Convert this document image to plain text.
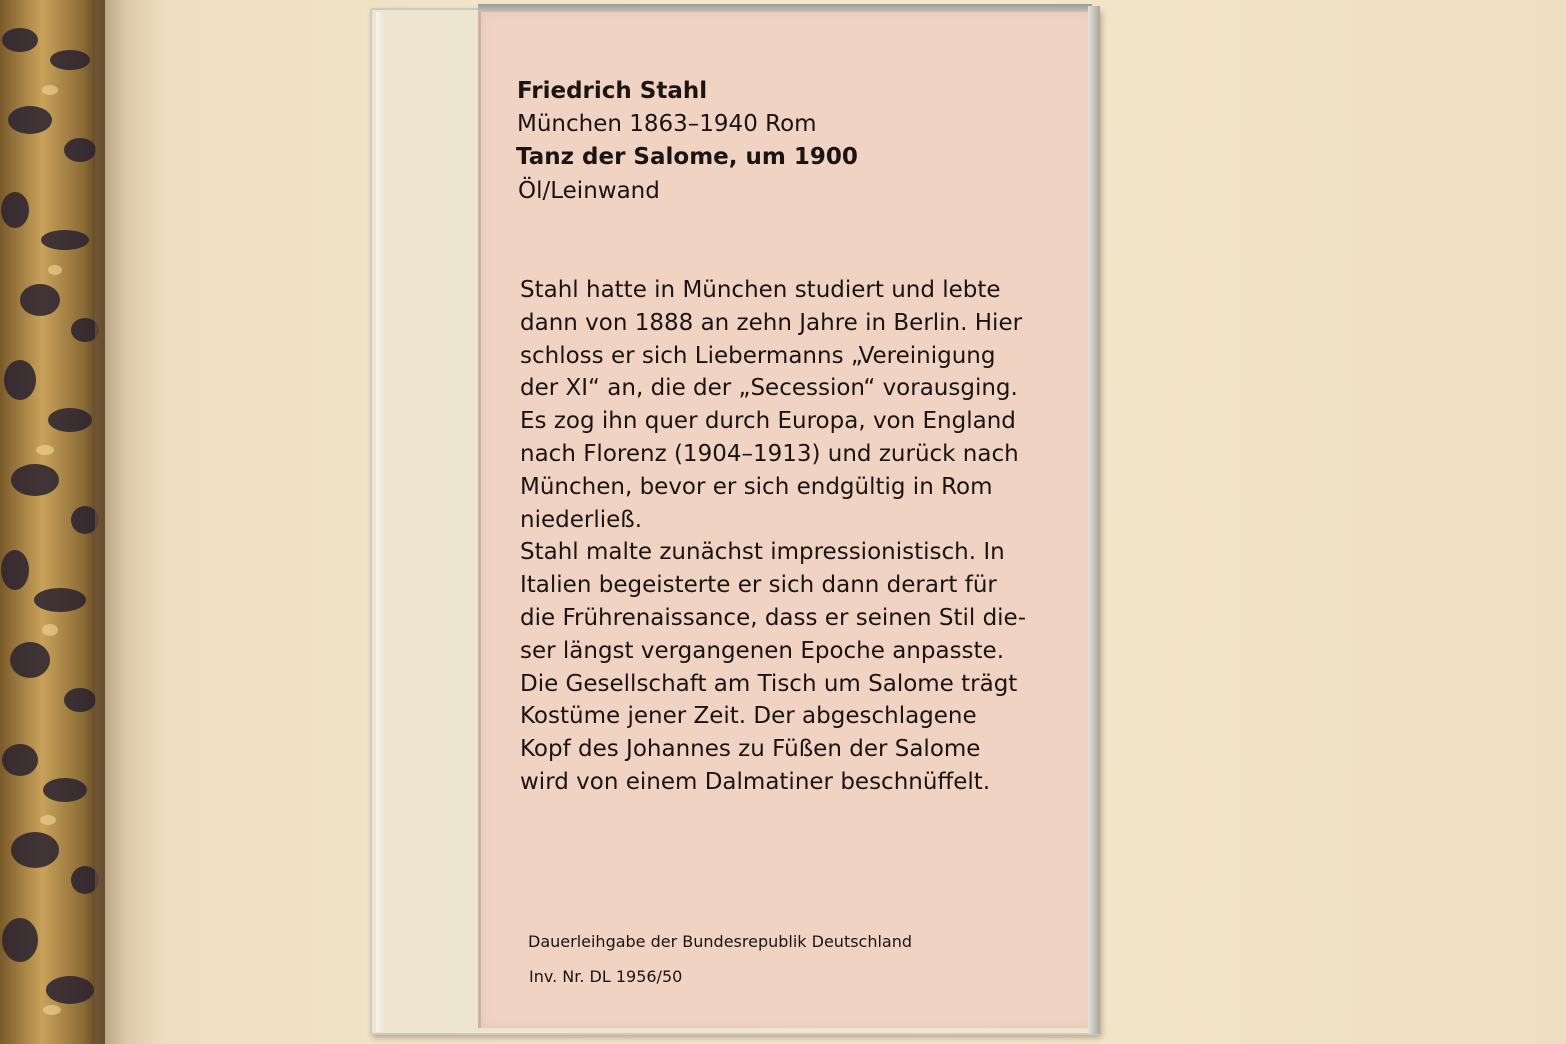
Friedrich Stahl
München 1863–1940 Rom
Tanz der Salome, um 1900
Öl/Leinwand
Stahl hatte in München studiert und lebte
dann von 1888 an zehn Jahre in Berlin. Hier
schloss er sich Liebermanns „Vereinigung
der XI“ an, die der „Secession“ vorausging.
Es zog ihn quer durch Europa, von England
nach Florenz (1904–1913) und zurück nach
München, bevor er sich endgültig in Rom
niederließ.
Stahl malte zunächst impressionistisch. In
Italien begeisterte er sich dann derart für
die Frührenaissance, dass er seinen Stil die-
ser längst vergangenen Epoche anpasste.
Die Gesellschaft am Tisch um Salome trägt
Kostüme jener Zeit. Der abgeschlagene
Kopf des Johannes zu Füßen der Salome
wird von einem Dalmatiner beschnüffelt.
Dauerleihgabe der Bundesrepublik Deutschland
Inv. Nr. DL 1956/50
